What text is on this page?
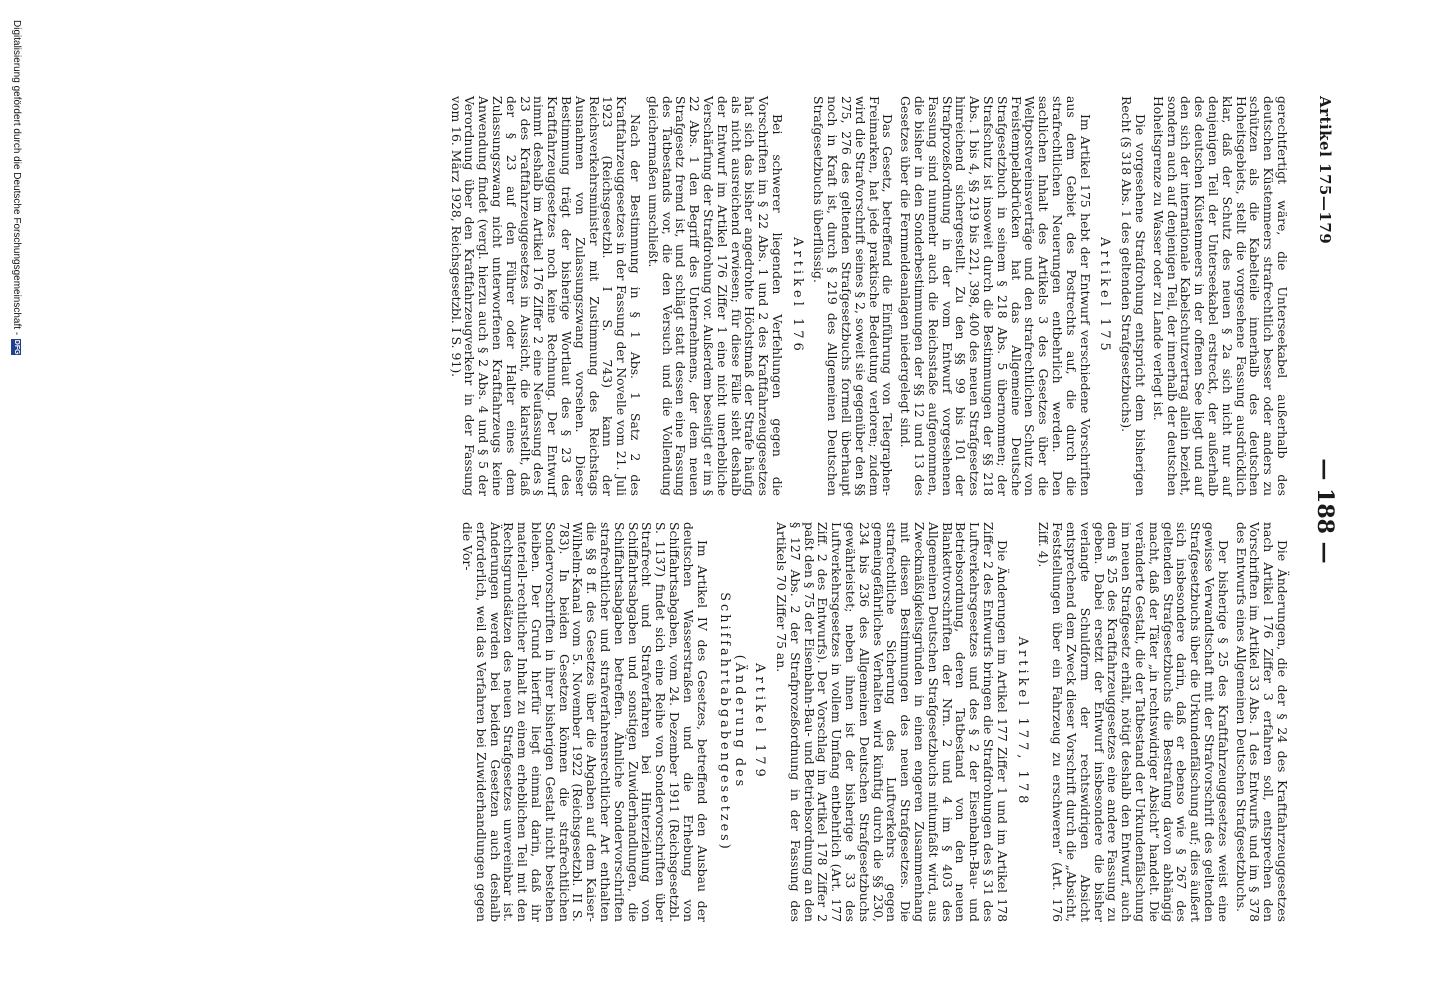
Artikel 175—179
— 188 —

gerechtfertigt wäre, die Unterseekabel außerhalb des deutschen Küstenmeers strafrechtlich besser oder anders zu schützen als die Kabelteile innerhalb des deutschen Hoheitsgebiets, stellt die vorgesehene Fassung ausdrücklich klar, daß der Schutz des neuen § 2a sich nicht nur auf denjenigen Teil der Unterseekabel erstreckt, der außerhalb des deutschen Küstenmeers in der offenen See liegt und auf den sich der internationale Kabelschutzvertrag allein bezieht, sondern auch auf denjenigen Teil, der innerhalb der deutschen Hoheitsgrenze zu Wasser oder zu Lande verlegt ist.

Die vorgesehene Strafdrohung entspricht dem bisherigen Recht (§ 318 Abs. 1 des geltenden Strafgesetzbuchs).

Artikel 175

Im Artikel 175 hebt der Entwurf verschiedene Vorschriften aus dem Gebiet des Postrechts auf, die durch die strafrechtlichen Neuerungen entbehrlich werden. Den sachlichen Inhalt des Artikels 3 des Gesetzes über die Weltpostvereinsverträge und den strafrechtlichen Schutz von Freistempelabdrücken hat das Allgemeine Deutsche Strafgesetzbuch in seinem § 218 Abs. 5 übernommen; der Strafschutz ist insoweit durch die Bestimmungen der §§ 218 Abs. 1 bis 4, §§ 219 bis 221, 398, 400 des neuen Strafgesetzes hinreichend sichergestellt. Zu den §§ 99 bis 101 der Strafprozeßordnung in der vom Entwurf vorgesehenen Fassung sind nunmehr auch die Reichsstaße aufgenommen, die bisher in den Sonderbestimmungen der §§ 12 und 13 des Gesetzes über die Fernmeldeanlagen niedergelegt sind.

Das Gesetz, betreffend die Einführung von Telegraphen-Freimarken, hat jede praktische Bedeutung verloren; zudem wird die Strafvorschrift seines § 2, soweit sie gegenüber den §§ 275, 276 des geltenden Strafgesetzbuchs formell überhaupt noch in Kraft ist, durch § 219 des Allgemeinen Deutschen Strafgesetzbuchs überflüssig.

Artikel 176

Bei schwerer liegenden Verfehlungen gegen die Vorschriften im § 22 Abs. 1 und 2 des Kraftfahrzeuggesetzes hat sich das bisher angedrohte Höchstmaß der Strafe häufig als nicht ausreichend erwiesen; für diese Fälle sieht deshalb der Entwurf im Artikel 176 Ziffer 1 eine nicht unerhebliche Verschärfung der Strafdrohung vor. Außerdem beseitigt er im § 22 Abs. 1 den Begriff des Unternehmens, der dem neuen Strafgesetz fremd ist, und schlägt statt dessen eine Fassung des Tatbestands vor, die den Versuch und die Vollendung gleichermaßen umschließt.

Nach der Bestimmung in § 1 Abs. 1 Satz 2 des Kraftfahrzeuggesetzes in der Fassung der Novelle vom 21. Juli 1923 (Reichsgesetzbl. I S. 743) kann der Reichsverkehrsminister mit Zustimmung des Reichstags Ausnahmen von Zulassungszwang vorsehen. Dieser Bestimmung trägt der bisherige Wortlaut des § 23 des Kraftfahrzeuggesetzes noch keine Rechnung. Der Entwurf nimmt deshalb im Artikel 176 Ziffer 2 eine Neufassung des § 23 des Kraftfahrzeuggesetzes in Aussicht, die klarstellt, daß der § 23 auf den Führer oder Halter eines dem Zulassungszwang nicht unterworfenen Kraftfahrzeugs keine Anwendung findet (vergl. hierzu auch § 2 Abs. 4 und § 5 der Verordnung über den Kraftfahrzeugverkehr in der Fassung vom 16. März 1928, Reichsgesetzbl. I S. 91).

Die Änderungen, die der § 24 des Kraftfahrzeuggesetzes nach Artikel 176 Ziffer 3 erfahren soll, entsprechen den Vorschriften im Artikel 33 Abs. 1 des Entwurfs und im § 378 des Entwurfs eines Allgemeinen Deutschen Strafgesetzbuchs.

Der bisherige § 25 des Kraftfahrzeuggesetzes weist eine gewisse Verwandtschaft mit der Strafvorschrift des geltenden Strafgesetzbuchs über die Urkundenfälschung auf; dies äußert sich insbesondere darin, daß er ebenso wie § 267 des geltenden Strafgesetzbuchs die Bestrafung davon abhängig macht, daß der Täter „in rechtswidriger Absicht“ handelt. Die veränderte Gestalt, die der Tatbestand der Urkundenfälschung im neuen Strafgesetz erhält, nötigt deshalb den Entwurf, auch dem § 25 des Kraftfahrzeuggesetzes eine andere Fassung zu geben. Dabei ersetzt der Entwurf insbesondere die bisher verlangte Schuldform der rechtswidrigen Absicht entsprechend dem Zweck dieser Vorschrift durch die „Absicht, Feststellungen über ein Fahrzeug zu erschweren“ (Art. 176 Ziff. 4).

Artikel 177, 178

Die Änderungen im Artikel 177 Ziffer 1 und im Artikel 178 Ziffer 2 des Entwurfs bringen die Strafdrohungen des § 31 des Luftverkehrsgesetzes und des § 2 der Eisenbahn-Bau- und Betriebsordnung, deren Tatbestand von den neuen Blankettvorschriften der Nrn. 2 und 4 im § 403 des Allgemeinen Deutschen Strafgesetzbuchs mitumfaßt wird, aus Zweckmäßigkeitsgründen in einen engeren Zusammenhang mit diesen Bestimmungen des neuen Strafgesetzes. Die strafrechtliche Sicherung des Luftverkehrs gegen gemeingefährliches Verhalten wird künftig durch die §§ 230, 234 bis 236 des Allgemeinen Deutschen Strafgesetzbuchs gewährleistet; neben ihnen ist der bisherige § 33 des Luftverkehrsgesetzes in vollem Umfang entbehrlich (Art. 177 Ziff. 2 des Entwurfs). Der Vorschlag im Artikel 178 Ziffer 2 paßt den § 75 der Eisenbahn-Bau- und Betriebsordnung an den § 127 Abs. 2 der Strafprozeßordnung in der Fassung des Artikels 70 Ziffer 75 an.

Artikel 179
(Änderung des Schiffahrtabgabengesetzes)

Im Artikel IV des Gesetzes, betreffend den Ausbau der deutschen Wasserstraßen und die Erhebung von Schiffahrtsabgaben, vom 24. Dezember 1911 (Reichsgesetzbl. S. 1137) findet sich eine Reihe von Sondervorschriften über Strafrecht und Strafverfahren bei Hinterziehung von Schiffahrtsabgaben und sonstigen Zuwiderhandlungen, die Schiffahrtsabgaben betreffen. Ähnliche Sondervorschriften strafrechtlicher und strafverfahrensrechtlicher Art enthalten die §§ 8 ff. des Gesetzes über die Abgaben auf dem Kaiser-Wilhelm-Kanal vom 5. November 1922 (Reichsgesetzbl. II S. 783). In beiden Gesetzen können die strafrechtlichen Sondervorschriften in ihrer bisherigen Gestalt nicht bestehen bleiben. Der Grund hierfür liegt einmal darin, daß ihr materiell-rechtlicher Inhalt zu einem erheblichen Teil mit den Rechtsgrundsätzen des neuen Strafgesetzes unvereinbar ist. Änderungen werden bei beiden Gesetzen auch deshalb erforderlich, weil das Verfahren bei Zuwiderhandlungen gegen die Vor-

Digitalisierung gefördert durch die Deutsche Forschungsgemeinschaft -
DFG
